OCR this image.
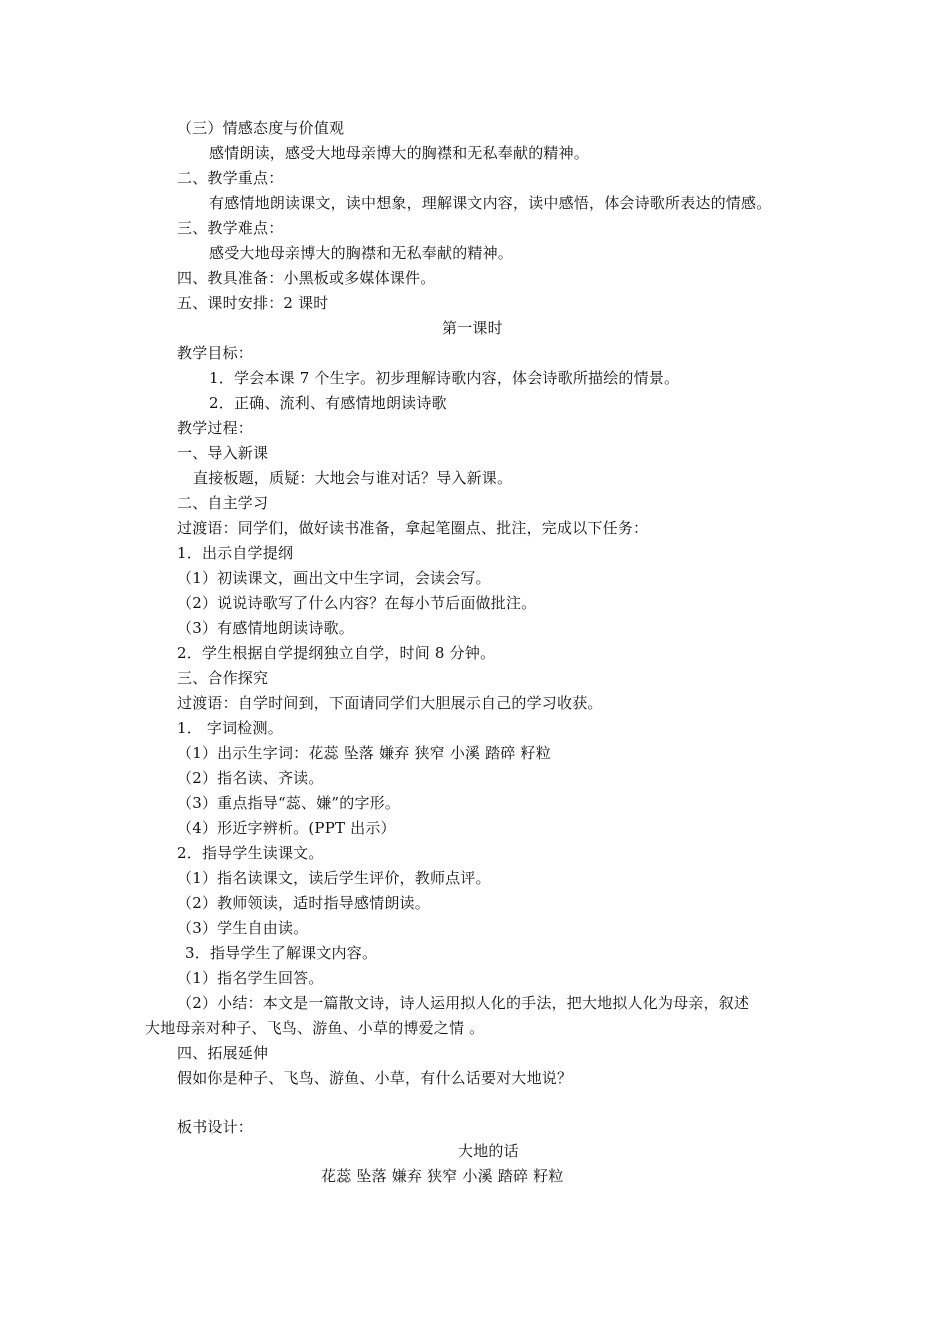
（三）情感态度与价值观
感情朗读，感受大地母亲博大的胸襟和无私奉献的精神。
二、教学重点：
有感情地朗读课文，读中想象，理解课文内容，读中感悟，体会诗歌所表达的情感。
三、教学难点：
感受大地母亲博大的胸襟和无私奉献的精神。
四、教具准备：小黑板或多媒体课件。
五、课时安排：2 课时
第一课时
教学目标：
1．学会本课 7 个生字。初步理解诗歌内容，体会诗歌所描绘的情景。
2．正确、流利、有感情地朗读诗歌
教学过程：
一、导入新课
直接板题，质疑：大地会与谁对话？导入新课。
二、自主学习
过渡语：同学们，做好读书准备，拿起笔圈点、批注，完成以下任务：
1．出示自学提纲
（1）初读课文，画出文中生字词，会读会写。
（2）说说诗歌写了什么内容？在每小节后面做批注。
（3）有感情地朗读诗歌。
2．学生根据自学提纲独立自学，时间 8 分钟。
三、合作探究
过渡语：自学时间到，下面请同学们大胆展示自己的学习收获。
1． 字词检测。
（1）出示生字词：花蕊 坠落 嫌弃 狭窄 小溪 踏碎 籽粒
（2）指名读、齐读。
（3）重点指导“蕊、嫌”的字形。
（4）形近字辨析。(PPT 出示）
2．指导学生读课文。
（1）指名读课文，读后学生评价，教师点评。
（2）教师领读，适时指导感情朗读。
（3）学生自由读。
3．指导学生了解课文内容。
（1）指名学生回答。
（2）小结：本文是一篇散文诗，诗人运用拟人化的手法，把大地拟人化为母亲，叙述
大地母亲对种子、飞鸟、游鱼、小草的博爱之情 。
四、拓展延伸
假如你是种子、飞鸟、游鱼、小草，有什么话要对大地说？
板书设计：
大地的话
花蕊 坠落 嫌弃 狭窄 小溪 踏碎 籽粒
